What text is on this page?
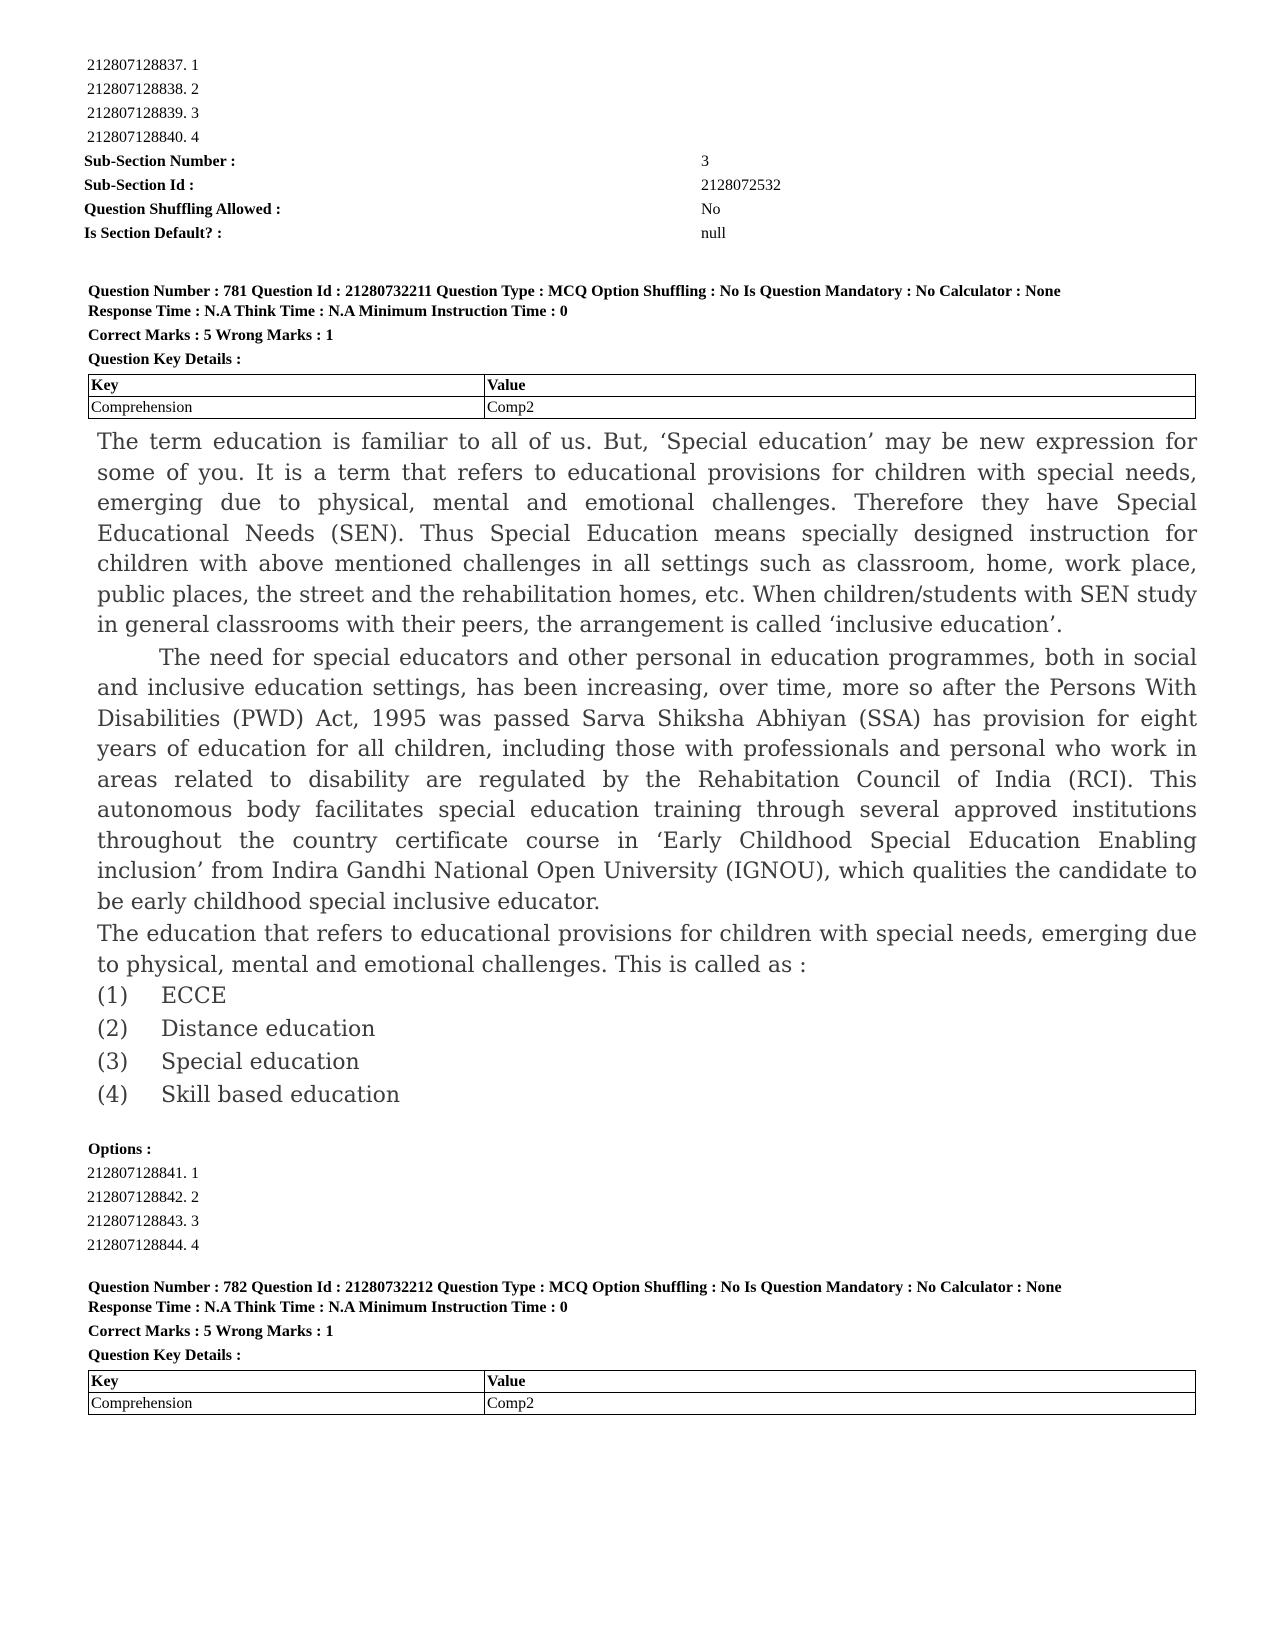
212807128837. 1
212807128838. 2
212807128839. 3
212807128840. 4
Sub-Section Number :	3
Sub-Section Id :	2128072532
Question Shuffling Allowed :	No
Is Section Default? :	null
Question Number : 781 Question Id : 21280732211 Question Type : MCQ Option Shuffling : No Is Question Mandatory : No Calculator : None
Response Time : N.A Think Time : N.A Minimum Instruction Time : 0
Correct Marks : 5 Wrong Marks : 1
Question Key Details :
Key	Value
Comprehension	Comp2

The term education is familiar to all of us. But, ‘Special education’ may be new expression for some of you. It is a term that refers to educational provisions for children with special needs, emerging due to physical, mental and emotional challenges. Therefore they have Special Educational Needs (SEN). Thus Special Education means specially designed instruction for children with above mentioned challenges in all settings such as classroom, home, work place, public places, the street and the rehabilitation homes, etc. When children/students with SEN study in general classrooms with their peers, the arrangement is called ‘inclusive education’.

The need for special educators and other personal in education programmes, both in social and inclusive education settings, has been increasing, over time, more so after the Persons With Disabilities (PWD) Act, 1995 was passed Sarva Shiksha Abhiyan (SSA) has provision for eight years of education for all children, including those with professionals and personal who work in areas related to disability are regulated by the Rehabitation Council of India (RCI). This autonomous body facilitates special education training through several approved institutions throughout the country certificate course in ‘Early Childhood Special Education Enabling inclusion’ from Indira Gandhi National Open University (IGNOU), which qualities the candidate to be early childhood special inclusive educator.

The education that refers to educational provisions for children with special needs, emerging due to physical, mental and emotional challenges. This is called as :
(1) ECCE
(2) Distance education
(3) Special education
(4) Skill based education
Options :
212807128841. 1
212807128842. 2
212807128843. 3
212807128844. 4
Question Number : 782 Question Id : 21280732212 Question Type : MCQ Option Shuffling : No Is Question Mandatory : No Calculator : None
Response Time : N.A Think Time : N.A Minimum Instruction Time : 0
Correct Marks : 5 Wrong Marks : 1
Question Key Details :
Key	Value
Comprehension	Comp2
